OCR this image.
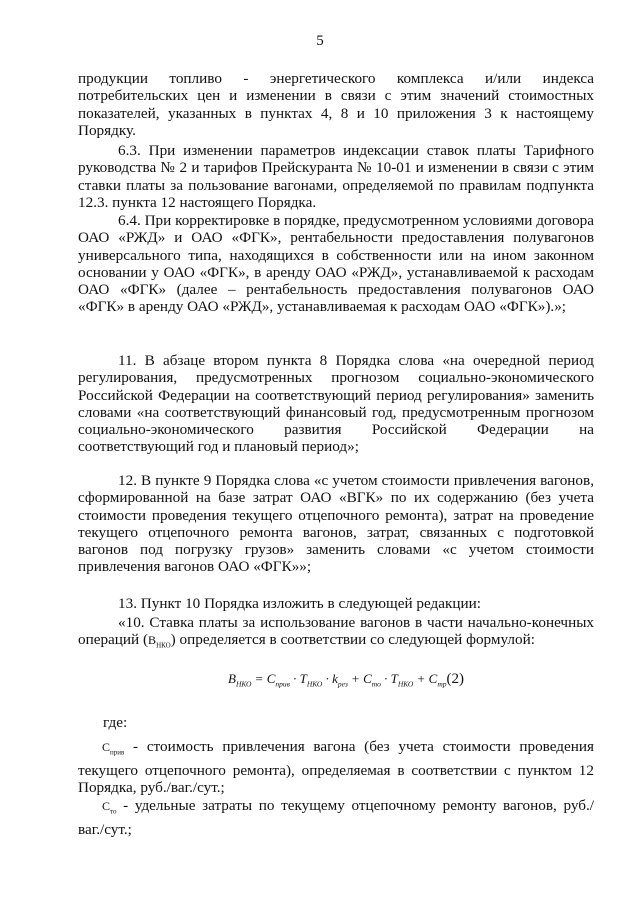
5

продукции топливо - энергетического комплекса и/или индекса потребительских цен и изменении в связи с этим значений стоимостных показателей, указанных в пунктах 4, 8 и 10 приложения 3 к настоящему Порядку.

6.3. При изменении параметров индексации ставок платы Тарифного руководства № 2 и тарифов Прейскуранта № 10-01 и изменении в связи с этим ставки платы за пользование вагонами, определяемой по правилам подпункта 12.3. пункта 12 настоящего Порядка.

6.4. При корректировке в порядке, предусмотренном условиями договора ОАО «РЖД» и ОАО «ФГК», рентабельности предоставления полувагонов универсального типа, находящихся в собственности или на ином законном основании у ОАО «ФГК», в аренду ОАО «РЖД», устанавливаемой к расходам ОАО «ФГК» (далее – рентабельность предоставления полувагонов ОАО «ФГК» в аренду ОАО «РЖД», устанавливаемая к расходам ОАО «ФГК»).»;

11. В абзаце втором пункта 8 Порядка слова «на очередной период регулирования, предусмотренных прогнозом социально-экономического Российской Федерации на соответствующий период регулирования» заменить словами «на соответствующий финансовый год, предусмотренным прогнозом социально-экономического развития Российской Федерации на соответствующий год и плановый период»;

12. В пункте 9 Порядка слова «с учетом стоимости привлечения вагонов, сформированной на базе затрат ОАО «ВГК» по их содержанию (без учета стоимости проведения текущего отцепочного ремонта), затрат на проведение текущего отцепочного ремонта вагонов, затрат, связанных с подготовкой вагонов под погрузку грузов» заменить словами «с учетом стоимости привлечения вагонов ОАО «ФГК»»;

13. Пункт 10 Порядка изложить в следующей редакции:

«10. Ставка платы за использование вагонов в части начально-конечных операций $(B_{НКО})$ определяется в соответствии со следующей формулой:

$B_{НКО} = C_{прив} \cdot T_{НКО} \cdot k_{рез} + C_{то} \cdot T_{НКО} + C_{тр}(2)$

где:

$C_{прив}$ - стоимость привлечения вагона (без учета стоимости проведения текущего отцепочного ремонта), определяемая в соответствии с пунктом 12 Порядка, руб./ваг./сут.;

$C_{то}$ - удельные затраты по текущему отцепочному ремонту вагонов, руб./ваг./сут.;
